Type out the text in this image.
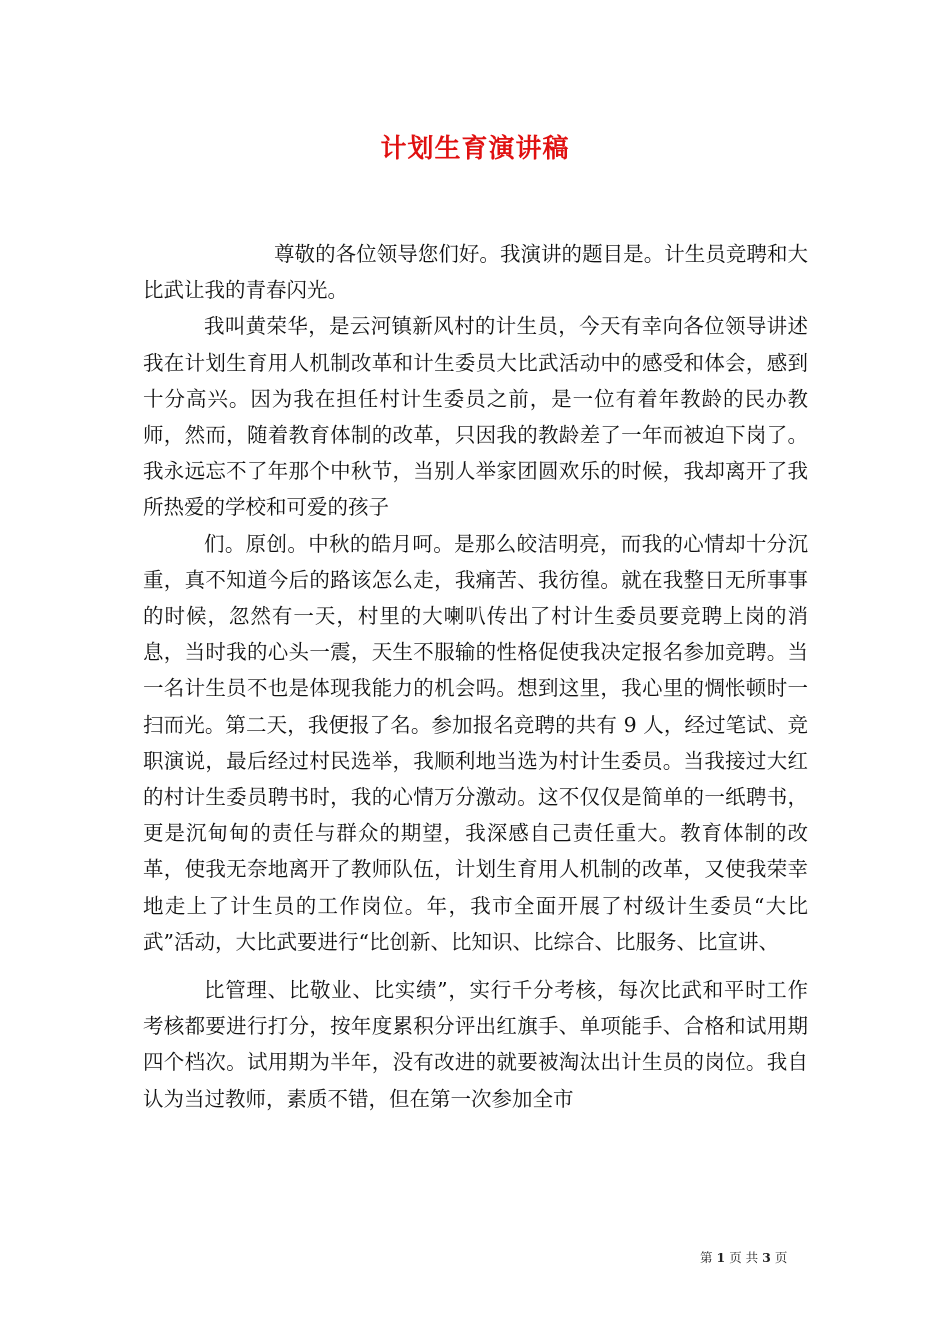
计划生育演讲稿

尊敬的各位领导您们好。我演讲的题目是。计生员竞聘和大比武让我的青春闪光。

我叫黄荣华，是云河镇新风村的计生员，今天有幸向各位领导讲述我在计划生育用人机制改革和计生委员大比武活动中的感受和体会，感到十分高兴。因为我在担任村计生委员之前，是一位有着年教龄的民办教师，然而，随着教育体制的改革，只因我的教龄差了一年而被迫下岗了。我永远忘不了年那个中秋节，当别人举家团圆欢乐的时候，我却离开了我所热爱的学校和可爱的孩子

们。原创。中秋的皓月呵。是那么皎洁明亮，而我的心情却十分沉重，真不知道今后的路该怎么走，我痛苦、我彷徨。就在我整日无所事事的时候，忽然有一天，村里的大喇叭传出了村计生委员要竞聘上岗的消息，当时我的心头一震，天生不服输的性格促使我决定报名参加竞聘。当一名计生员不也是体现我能力的机会吗。想到这里，我心里的惆怅顿时一扫而光。第二天，我便报了名。参加报名竞聘的共有 9 人，经过笔试、竞职演说，最后经过村民选举，我顺利地当选为村计生委员。当我接过大红的村计生委员聘书时，我的心情万分激动。这不仅仅是简单的一纸聘书，更是沉甸甸的责任与群众的期望，我深感自己责任重大。教育体制的改革，使我无奈地离开了教师队伍，计划生育用人机制的改革，又使我荣幸地走上了计生员的工作岗位。年，我市全面开展了村级计生委员“大比武”活动，大比武要进行“比创新、比知识、比综合、比服务、比宣讲、

比管理、比敬业、比实绩”，实行千分考核，每次比武和平时工作考核都要进行打分，按年度累积分评出红旗手、单项能手、合格和试用期四个档次。试用期为半年，没有改进的就要被淘汰出计生员的岗位。我自认为当过教师，素质不错，但在第一次参加全市

第 1 页 共 3 页
